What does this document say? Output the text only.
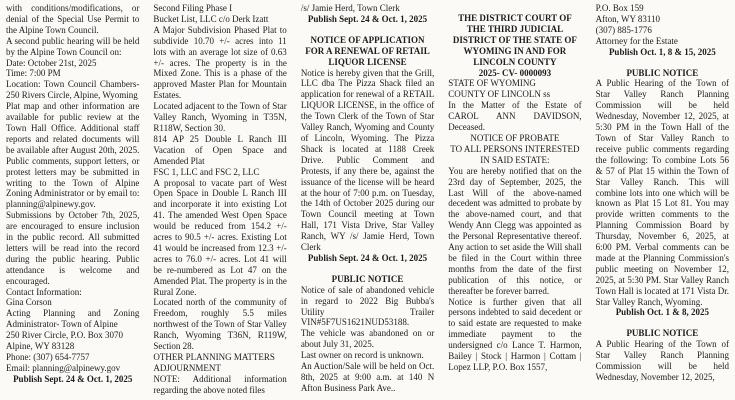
with conditions/modifications, or denial of the Special Use Permit to the Alpine Town Council.
A second public hearing will be held by the Alpine Town Council on:
Date: October 21st, 2025
Time: 7:00 PM
Location: Town Council Chambers- 250 Rivers Circle, Alpine, Wyoming
Plat map and other information are available for public review at the Town Hall Office. Additional staff reports and related documents will be available after August 20th, 2025. Public comments, support letters, or protest letters may be submitted in writing to the Town of Alpine Zoning Administrator or by email to: planning@alpinewy.gov. Submissions by October 7th, 2025, are encouraged to ensure inclusion in the public record. All submitted letters will be read into the record during the public hearing. Public attendance is welcome and encouraged.
Contact Information:
Gina Corson
Acting Planning and Zoning Administrator- Town of Alpine
250 River Circle, P.O. Box 3070
Alpine, WY 83128
Phone: (307) 654-7757
Email: planning@alpinewy.gov
Publish Sept. 24 & Oct. 1, 2025
Second Filing Phase I
Bucket List, LLC c/o Derk Izatt
A Major Subdivision Phased Plat to subdivide 10.70 +/- acres into 11 lots with an average lot size of 0.63 +/- acres. The property is in the Mixed Zone. This is a phase of the approved Master Plan for Mountain Estates.
Located adjacent to the Town of Star Valley Ranch, Wyoming in T35N, R118W, Section 30.
814 AP 25 Double L Ranch III Vacation of Open Space and Amended Plat
FSC 1, LLC and FSC 2, LLC
A proposal to vacate part of West Open Space in Double L Ranch III and incorporate it into existing Lot 41. The amended West Open Space would be reduced from 154.2 +/- acres to 90.5 +/- acres. Existing Lot 41 would be increased from 12.3 +/- acres to 76.0 +/- acres. Lot 41 will be re-numbered as Lot 47 on the Amended Plat. The property is in the Rural Zone.
Located north of the community of Freedom, roughly 5.5 miles northwest of the Town of Star Valley Ranch, Wyoming T36N, R119W, Section 28.
OTHER PLANNING MATTERS
ADJOURNMENT
NOTE: Additional information regarding the above noted files
/s/ Jamie Herd, Town Clerk
Publish Sept. 24 & Oct. 1, 2025
NOTICE OF APPLICATION FOR A RENEWAL OF RETAIL LIQUOR LICENSE
Notice is hereby given that the Grill, LLC dba The Pizza Shack filed an application for renewal of a RETAIL LIQUOR LICENSE, in the office of the Town Clerk of the Town of Star Valley Ranch, Wyoming and County of Lincoln, Wyoming. The Pizza Shack is located at 1188 Creek Drive. Public Comment and Protests, if any there be, against the issuance of the license will be heard at the hour of 7:00 p.m. on Tuesday, the 14th of October 2025 during our Town Council meeting at Town Hall, 171 Vista Drive, Star Valley Ranch, WY /s/ Jamie Herd, Town Clerk
Publish Sept. 24 & Oct. 1, 2025
PUBLIC NOTICE
Notice of sale of abandoned vehicle in regard to 2022 Big Bubba's Utility Trailer VIN#5F7US1621NUD53188.
The vehicle was abandoned on or about July 31, 2025.
Last owner on record is unknown.
An Auction/Sale will be held on Oct. 8th, 2025 at 9:00 a.m. at 140 N Afton Business Park Ave..
THE DISTRICT COURT OF THE THIRD JUDICIAL DISTRICT OF THE STATE OF WYOMING IN AND FOR LINCOLN COUNTY
2025- CV- 0000093
STATE OF WYOMING
COUNTY OF LINCOLN ss
In the Matter of the Estate of CAROL ANN DAVIDSON, Deceased.
NOTICE OF PROBATE
TO ALL PERSONS INTERESTED IN SAID ESTATE:
You are hereby notified that on the 23rd day of September, 2025, the Last Will of the above-named decedent was admitted to probate by the above-named court, and that Wendy Ann Clegg was appointed as the Personal Representative thereof. Any action to set aside the Will shall be filed in the Court within three months from the date of the first publication of this notice, or thereafter be forever barred.
Notice is further given that all persons indebted to said decedent or to said estate are requested to make immediate payment to the undersigned c/o Lance T. Harmon, Bailey | Stock | Harmon | Cottam | Lopez LLP, P.O. Box 1557,
P.O. Box 159
Afton, WY 83110
(307) 885-1776
Attorney for the Estate
Publish Oct. 1, 8 & 15, 2025
PUBLIC NOTICE
A Public Hearing of the Town of Star Valley Ranch Planning Commission will be held Wednesday, November 12, 2025, at 5:30 PM in the Town Hall of the Town of Star Valley Ranch to receive public comments regarding the following: To combine Lots 56 & 57 of Plat 15 within the Town of Star Valley Ranch. This will combine lots into one which will be known as Plat 15 Lot 81. You may provide written comments to the Planning Commission Board by Thursday, November 6, 2025, at 6:00 PM. Verbal comments can be made at the Planning Commission's public meeting on November 12, 2025, at 5:30 PM. Star Valley Ranch Town Hall is located at 171 Vista Dr. Star Valley Ranch, Wyoming.
Publish Oct. 1 & 8, 2025
PUBLIC NOTICE
A Public Hearing of the Town of Star Valley Ranch Planning Commission will be held Wednesday, November 12, 2025,
